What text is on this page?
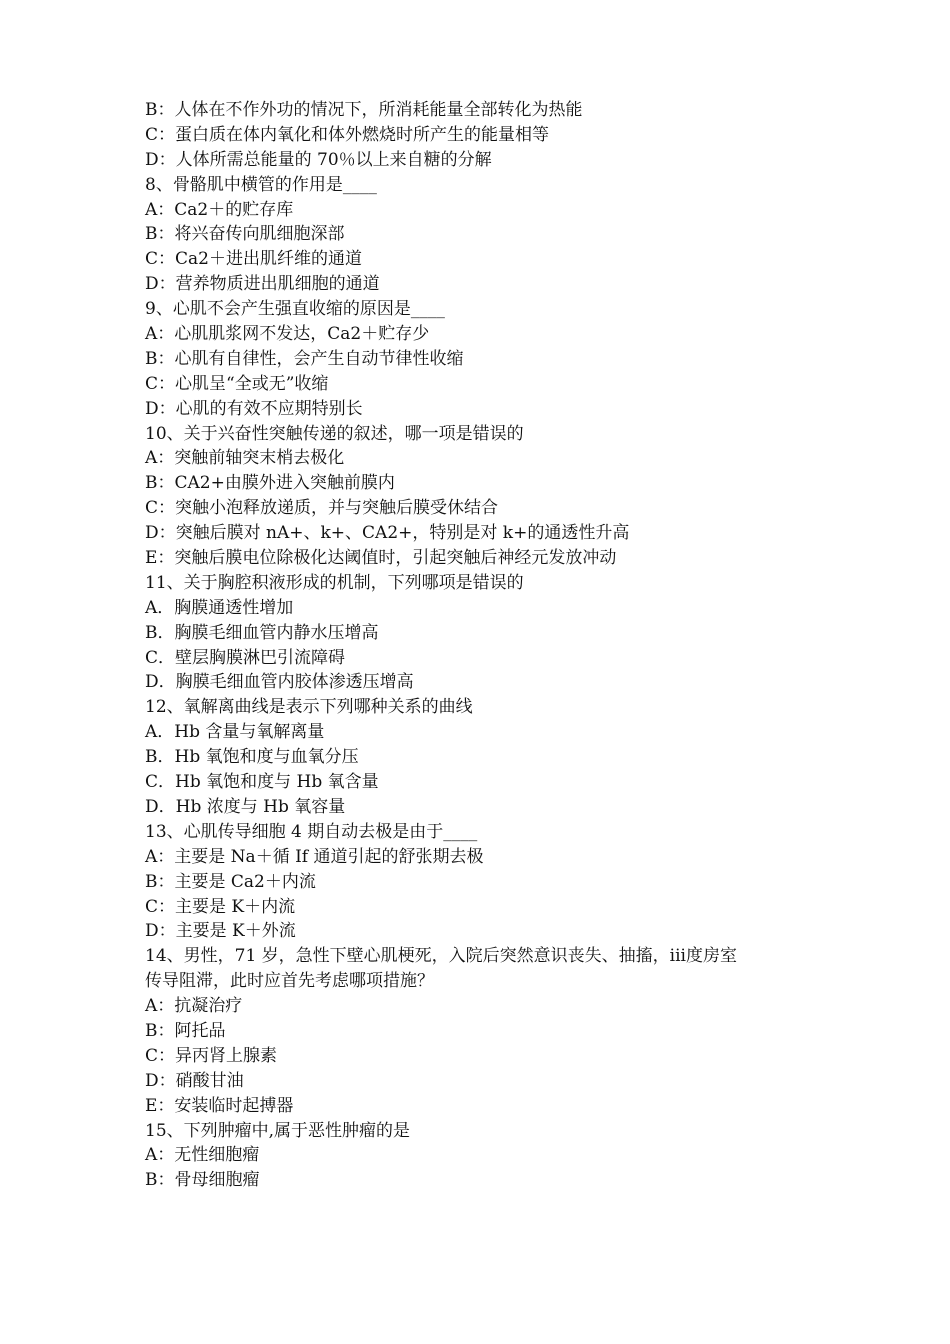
B：人体在不作外功的情况下，所消耗能量全部转化为热能
C：蛋白质在体内氧化和体外燃烧时所产生的能量相等
D：人体所需总能量的 70％以上来自糖的分解
8、骨骼肌中横管的作用是____
A：Ca2＋的贮存库
B：将兴奋传向肌细胞深部
C：Ca2＋进出肌纤维的通道
D：营养物质进出肌细胞的通道
9、心肌不会产生强直收缩的原因是____
A：心肌肌浆网不发达，Ca2＋贮存少
B：心肌有自律性，会产生自动节律性收缩
C：心肌呈“全或无”收缩
D：心肌的有效不应期特别长
10、关于兴奋性突触传递的叙述，哪一项是错误的
A：突触前轴突末梢去极化
B：CA2+由膜外进入突触前膜内
C：突触小泡释放递质，并与突触后膜受休结合
D：突触后膜对 nA+、k+、CA2+，特别是对 k+的通透性升高
E：突触后膜电位除极化达阈值时，引起突触后神经元发放冲动
11、关于胸腔积液形成的机制，下列哪项是错误的
A．胸膜通透性增加
B．胸膜毛细血管内静水压增高
C．壁层胸膜淋巴引流障碍
D．胸膜毛细血管内胶体渗透压增高
12、氧解离曲线是表示下列哪种关系的曲线
A．Hb 含量与氧解离量
B．Hb 氧饱和度与血氧分压
C．Hb 氧饱和度与 Hb 氧含量
D．Hb 浓度与 Hb 氧容量
13、心肌传导细胞 4 期自动去极是由于____
A：主要是 Na＋循 If 通道引起的舒张期去极
B：主要是 Ca2＋内流
C：主要是 K＋内流
D：主要是 K＋外流
14、男性，71 岁，急性下壁心肌梗死，入院后突然意识丧失、抽搐，iii度房室
传导阻滞，此时应首先考虑哪项措施？
A：抗凝治疗
B：阿托品
C：异丙肾上腺素
D：硝酸甘油
E：安装临时起搏器
15、下列肿瘤中,属于恶性肿瘤的是
A：无性细胞瘤
B：骨母细胞瘤
